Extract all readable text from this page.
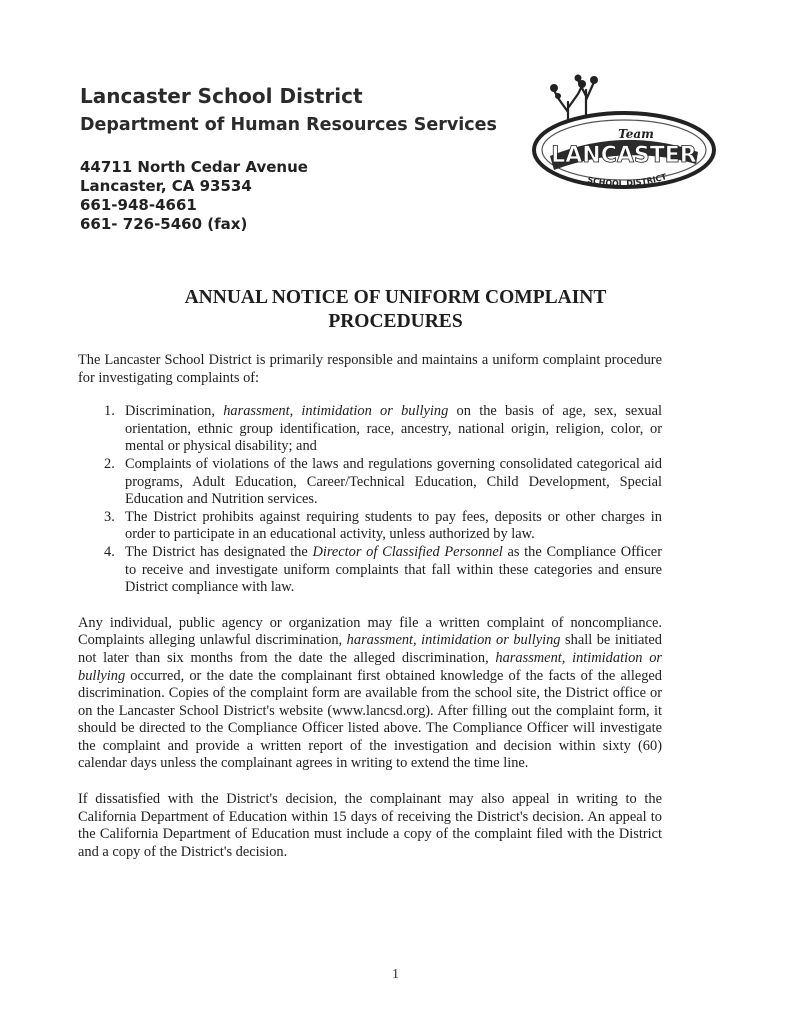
Lancaster School District
Department of Human Resources Services
44711 North Cedar Avenue
Lancaster, CA 93534
661-948-4661
661- 726-5460 (fax)
LANCASTER
Team
SCHOOL DISTRICT
ANNUAL NOTICE OF UNIFORM COMPLAINT
PROCEDURES

The Lancaster School District is primarily responsible and maintains a uniform complaint procedure for investigating complaints of:

1. Discrimination, harassment, intimidation or bullying on the basis of age, sex, sexual orientation, ethnic group identification, race, ancestry, national origin, religion, color, or mental or physical disability; and
2. Complaints of violations of the laws and regulations governing consolidated categorical aid programs, Adult Education, Career/Technical Education, Child Development, Special Education and Nutrition services.
3. The District prohibits against requiring students to pay fees, deposits or other charges in order to participate in an educational activity, unless authorized by law.
4. The District has designated the Director of Classified Personnel as the Compliance Officer to receive and investigate uniform complaints that fall within these categories and ensure District compliance with law.

Any individual, public agency or organization may file a written complaint of noncompliance. Complaints alleging unlawful discrimination, harassment, intimidation or bullying shall be initiated not later than six months from the date the alleged discrimination, harassment, intimidation or bullying occurred, or the date the complainant first obtained knowledge of the facts of the alleged discrimination. Copies of the complaint form are available from the school site, the District office or on the Lancaster School District's website (www.lancsd.org). After filling out the complaint form, it should be directed to the Compliance Officer listed above. The Compliance Officer will investigate the complaint and provide a written report of the investigation and decision within sixty (60) calendar days unless the complainant agrees in writing to extend the time line.

If dissatisfied with the District's decision, the complainant may also appeal in writing to the California Department of Education within 15 days of receiving the District's decision. An appeal to the California Department of Education must include a copy of the complaint filed with the District and a copy of the District's decision.

1
